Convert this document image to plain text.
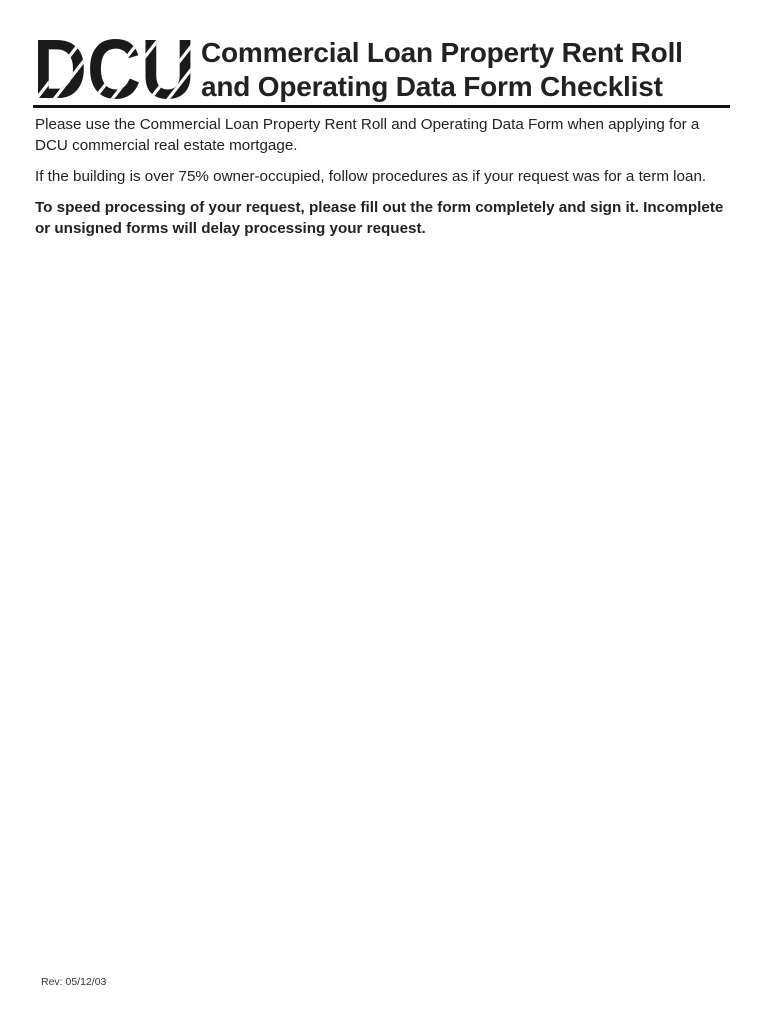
Commercial Loan Property Rent Roll
and Operating Data Form Checklist

Please use the Commercial Loan Property Rent Roll and Operating Data Form when applying for a DCU commercial real estate mortgage.

If the building is over 75% owner-occupied, follow procedures as if your request was for a term loan.

To speed processing of your request, please fill out the form completely and sign it. Incomplete or unsigned forms will delay processing your request.

Rev: 05/12/03
